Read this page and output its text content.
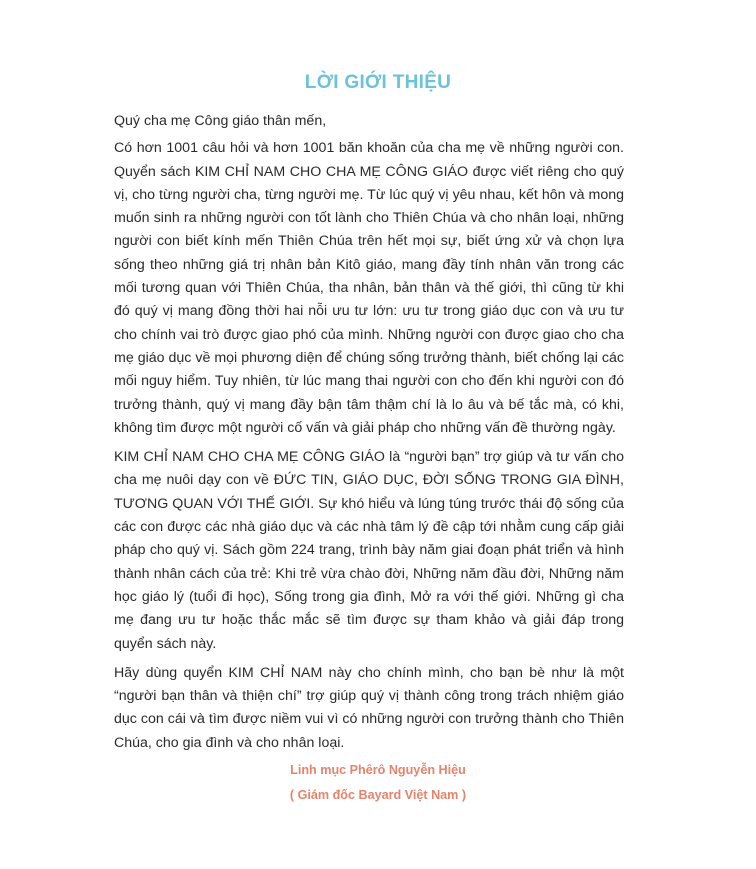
LỜI GIỚI THIỆU

Quý cha mẹ Công giáo thân mến,

Có hơn 1001 câu hỏi và hơn 1001 băn khoăn của cha mẹ về những người con. Quyển sách KIM CHỈ NAM CHO CHA MẸ CÔNG GIÁO được viết riêng cho quý vị, cho từng người cha, từng người mẹ. Từ lúc quý vị yêu nhau, kết hôn và mong muốn sinh ra những người con tốt lành cho Thiên Chúa và cho nhân loại, những người con biết kính mến Thiên Chúa trên hết mọi sự, biết ứng xử và chọn lựa sống theo những giá trị nhân bản Kitô giáo, mang đầy tính nhân văn trong các mối tương quan với Thiên Chúa, tha nhân, bản thân và thế giới, thì cũng từ khi đó quý vị mang đồng thời hai nỗi ưu tư lớn: ưu tư trong giáo dục con và ưu tư cho chính vai trò được giao phó của mình. Những người con được giao cho cha mẹ giáo dục về mọi phương diện để chúng sống trưởng thành, biết chống lại các mối nguy hiểm. Tuy nhiên, từ lúc mang thai người con cho đến khi người con đó trưởng thành, quý vị mang đầy bận tâm thậm chí là lo âu và bế tắc mà, có khi, không tìm được một người cố vấn và giải pháp cho những vấn đề thường ngày.

KIM CHỈ NAM CHO CHA MẸ CÔNG GIÁO là “người bạn” trợ giúp và tư vấn cho cha mẹ nuôi dạy con về ĐỨC TIN, GIÁO DỤC, ĐỜI SỐNG TRONG GIA ĐÌNH, TƯƠNG QUAN VỚI THẾ GIỚI. Sự khó hiểu và lúng túng trước thái độ sống của các con được các nhà giáo dục và các nhà tâm lý đề cập tới nhằm cung cấp giải pháp cho quý vị. Sách gồm 224 trang, trình bày năm giai đoạn phát triển và hình thành nhân cách của trẻ: Khi trẻ vừa chào đời, Những năm đầu đời, Những năm học giáo lý (tuổi đi học), Sống trong gia đình, Mở ra với thế giới. Những gì cha mẹ đang ưu tư hoặc thắc mắc sẽ tìm được sự tham khảo và giải đáp trong quyển sách này.

Hãy dùng quyển KIM CHỈ NAM này cho chính mình, cho bạn bè như là một “người bạn thân và thiện chí” trợ giúp quý vị thành công trong trách nhiệm giáo dục con cái và tìm được niềm vui vì có những người con trưởng thành cho Thiên Chúa, cho gia đình và cho nhân loại.

Linh mục Phêrô Nguyễn Hiệu
( Giám đốc Bayard Việt Nam )
